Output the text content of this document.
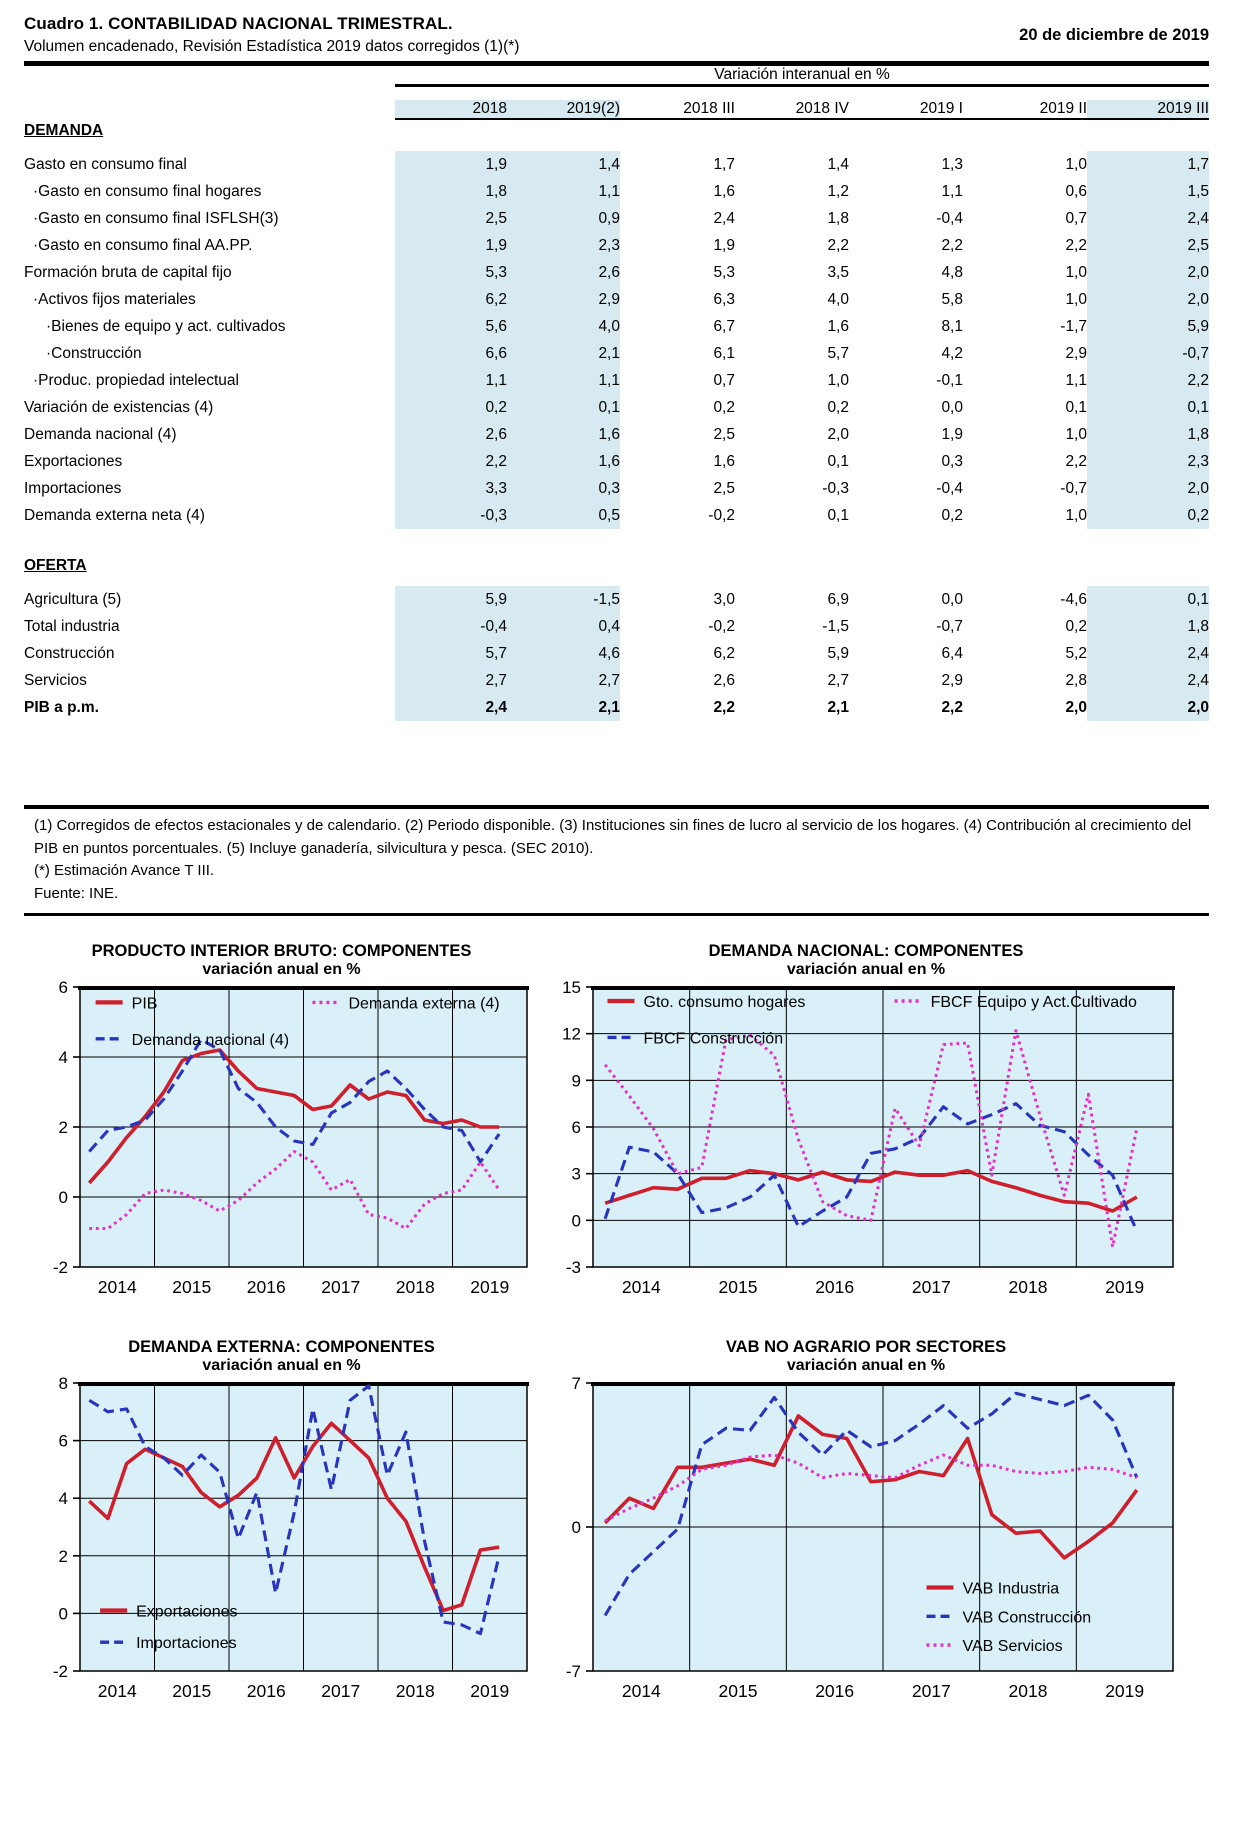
Cuadro 1. CONTABILIDAD NACIONAL TRIMESTRAL.
Volumen encadenado, Revisión Estadística 2019 datos corregidos (1)(*)
20 de diciembre de 2019
	Variación interanual en %						

	2018	2019(2)	2018 III	2018 IV	2019 I	2019 II	2019 III
DEMANDA							

Gasto en consumo final	1,9	1,4	1,7	1,4	1,3	1,0	1,7
·Gasto en consumo final hogares	1,8	1,1	1,6	1,2	1,1	0,6	1,5
·Gasto en consumo final ISFLSH(3)	2,5	0,9	2,4	1,8	-0,4	0,7	2,4
·Gasto en consumo final AA.PP.	1,9	2,3	1,9	2,2	2,2	2,2	2,5
Formación bruta de capital fijo	5,3	2,6	5,3	3,5	4,8	1,0	2,0
·Activos fijos materiales	6,2	2,9	6,3	4,0	5,8	1,0	2,0
·Bienes de equipo y act. cultivados	5,6	4,0	6,7	1,6	8,1	-1,7	5,9
·Construcción	6,6	2,1	6,1	5,7	4,2	2,9	-0,7
·Produc. propiedad intelectual	1,1	1,1	0,7	1,0	-0,1	1,1	2,2
Variación de existencias (4)	0,2	0,1	0,2	0,2	0,0	0,1	0,1
Demanda nacional (4)	2,6	1,6	2,5	2,0	1,9	1,0	1,8
Exportaciones	2,2	1,6	1,6	0,1	0,3	2,2	2,3
Importaciones	3,3	0,3	2,5	-0,3	-0,4	-0,7	2,0
Demanda externa neta (4)	-0,3	0,5	-0,2	0,1	0,2	1,0	0,2

OFERTA							

Agricultura (5)	5,9	-1,5	3,0	6,9	0,0	-4,6	0,1
Total industria	-0,4	0,4	-0,2	-1,5	-0,7	0,2	1,8
Construcción	5,7	4,6	6,2	5,9	6,4	5,2	2,4
Servicios	2,7	2,7	2,6	2,7	2,9	2,8	2,4
PIB a p.m.	2,4	2,1	2,2	2,1	2,2	2,0	2,0

(1) Corregidos de efectos estacionales y de calendario. (2) Periodo disponible. (3) Instituciones sin fines de lucro al servicio de los hogares. (4) Contribución al crecimiento del PIB en puntos porcentuales. (5) Incluye ganadería, silvicultura y pesca. (SEC 2010).
(*) Estimación Avance T III.
Fuente: INE.
PRODUCTO INTERIOR BRUTO: COMPONENTES
variación anual en %
6
4
2
0
-2
2014 2015 2016 2017 2018 2019
PIB
Demanda nacional (4)
Demanda externa (4)
DEMANDA NACIONAL: COMPONENTES
variación anual en %
15
12
9
6
3
0
-3
2014	2015	2016	2017	2018	2019
Gto. consumo hogares
FBCF Construcción
FBCF Equipo y Act.Cultivado
DEMANDA EXTERNA: COMPONENTES
variación anual en %
8
6
4
2
0
-2
2014 2015 2016 2017 2018 2019
Exportaciones
Importaciones
VAB NO AGRARIO POR SECTORES
variación anual en %
7
0
-7
2014	2015	2016	2017	2018	2019
VAB Industria
VAB Construcción
VAB Servicios
